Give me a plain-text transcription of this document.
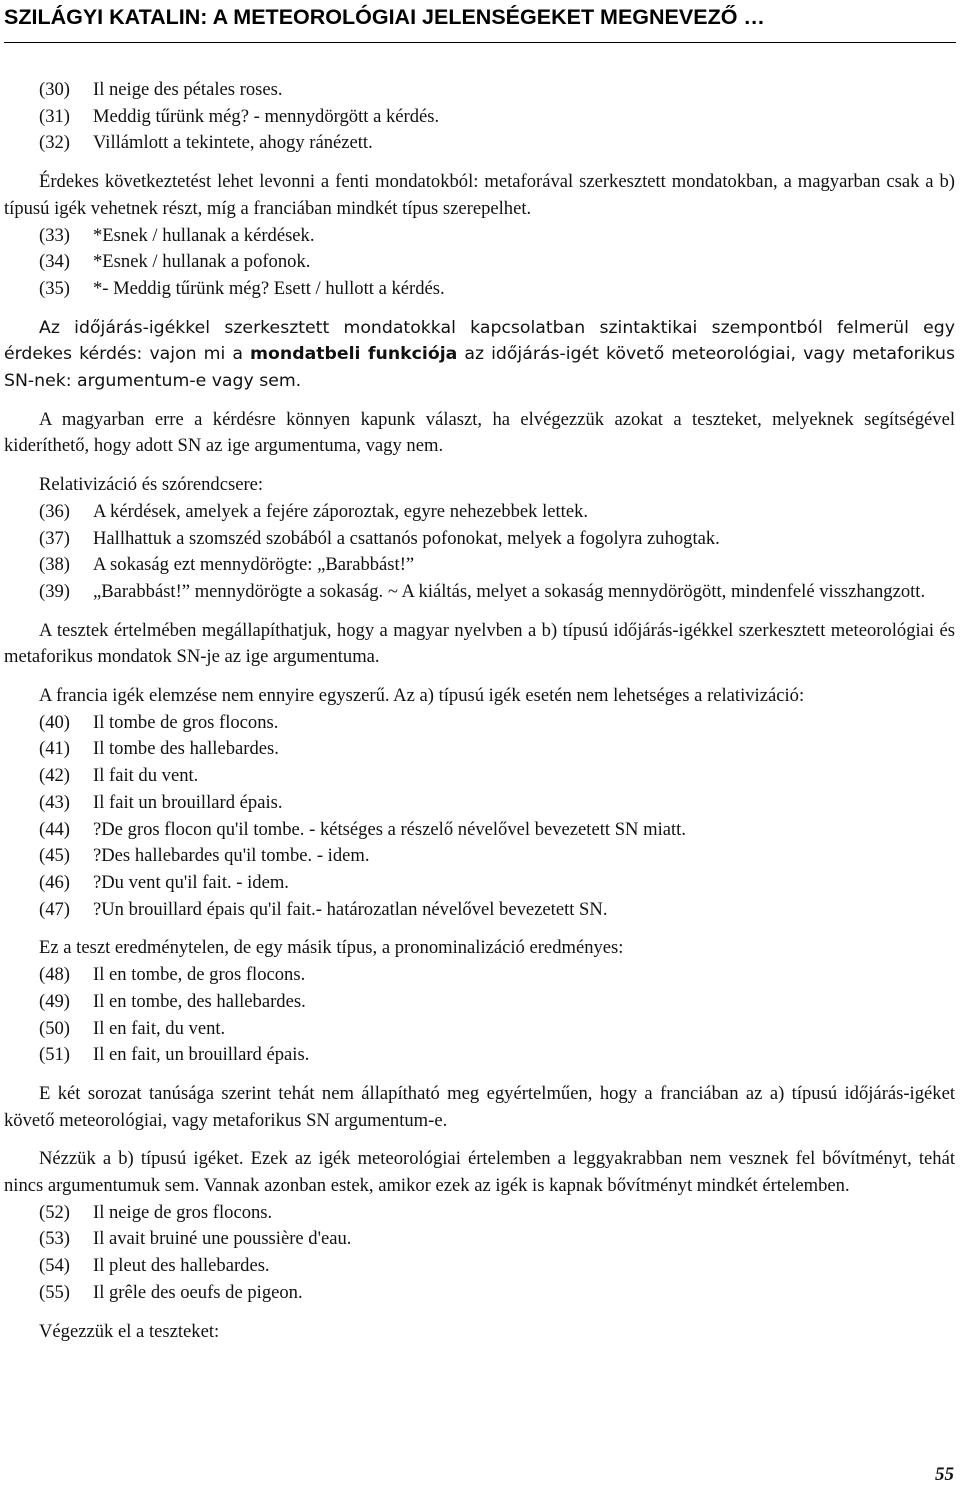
SZILÁGYI KATALIN: A METEOROLÓGIAI JELENSÉGEKET MEGNEVEZŐ …
(30) Il neige des pétales roses.
(31) Meddig tűrünk még? - mennydörgött a kérdés.
(32) Villámlott a tekintete, ahogy ránézett.

Érdekes következtetést lehet levonni a fenti mondatokból: metaforával szerkesztett mondatokban, a magyarban csak a b) típusú igék vehetnek részt, míg a franciában mindkét típus szerepelhet.

(33) *Esnek / hullanak a kérdések.
(34) *Esnek / hullanak a pofonok.
(35) *- Meddig tűrünk még? Esett / hullott a kérdés.

Az időjárás-igékkel szerkesztett mondatokkal kapcsolatban szintaktikai szempontból felmerül egy érdekes kérdés: vajon mi a mondatbeli funkciója az időjárás-igét követő meteorológiai, vagy metaforikus SN-nek: argumentum-e vagy sem.

A magyarban erre a kérdésre könnyen kapunk választ, ha elvégezzük azokat a teszteket, melyeknek segítségével kideríthető, hogy adott SN az ige argumentuma, vagy nem.

Relativizáció és szórendcsere:

(36) A kérdések, amelyek a fejére záporoztak, egyre nehezebbek lettek.
(37) Hallhattuk a szomszéd szobából a csattanós pofonokat, melyek a fogolyra zuhogtak.
(38) A sokaság ezt mennydörögte: „Barabbást!”
(39) „Barabbást!” mennydörögte a sokaság. ~ A kiáltás, melyet a sokaság mennydörögött, mindenfelé visszhangzott.

A tesztek értelmében megállapíthatjuk, hogy a magyar nyelvben a b) típusú időjárás-igékkel szerkesztett meteorológiai és metaforikus mondatok SN-je az ige argumentuma.

A francia igék elemzése nem ennyire egyszerű. Az a) típusú igék esetén nem lehetséges a relativizáció:

(40) Il tombe de gros flocons.
(41) Il tombe des hallebardes.
(42) Il fait du vent.
(43) Il fait un brouillard épais.
(44) ?De gros flocon qu'il tombe. - kétséges a részelő névelővel bevezetett SN miatt.
(45) ?Des hallebardes qu'il tombe. - idem.
(46) ?Du vent qu'il fait. - idem.
(47) ?Un brouillard épais qu'il fait.- határozatlan névelővel bevezetett SN.

Ez a teszt eredménytelen, de egy másik típus, a pronominalizáció eredményes:

(48) Il en tombe, de gros flocons.
(49) Il en tombe, des hallebardes.
(50) Il en fait, du vent.
(51) Il en fait, un brouillard épais.

E két sorozat tanúsága szerint tehát nem állapítható meg egyértelműen, hogy a franciában az a) típusú időjárás-igéket követő meteorológiai, vagy metaforikus SN argumentum-e.

Nézzük a b) típusú igéket. Ezek az igék meteorológiai értelemben a leggyakrabban nem vesznek fel bővítményt, tehát nincs argumentumuk sem. Vannak azonban estek, amikor ezek az igék is kapnak bővítményt mindkét értelemben.

(52) Il neige de gros flocons.
(53) Il avait bruiné une poussière d'eau.
(54) Il pleut des hallebardes.
(55) Il grêle des oeufs de pigeon.

Végezzük el a teszteket:

55
